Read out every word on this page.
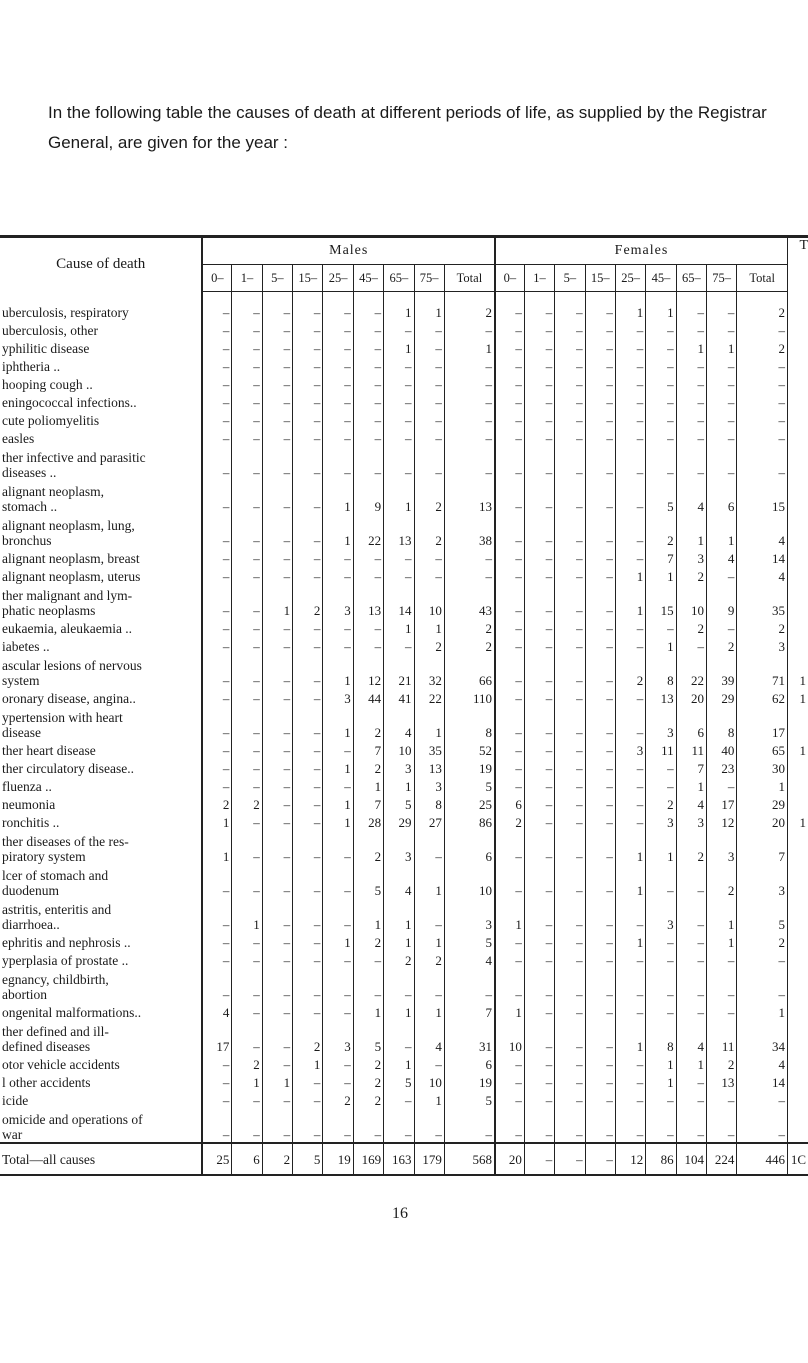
In the following table the causes of death at different periods of life, as supplied by the Registrar General, are given for the year :

Cause of death	Males									Females									T
	0–	1–	5–	15–	25–	45–	65–	75–	Total	0–	1–	5–	15–	25–	45–	65–	75–	Total	

uberculosis, respiratory	–	–	–	–	–	–	1	1	2	–	–	–	–	1	1	–	–	2	

uberculosis, other	–	–	–	–	–	–	–	–	–	–	–	–	–	–	–	–	–	–	

yphilitic disease	–	–	–	–	–	–	1	–	1	–	–	–	–	–	–	1	1	2	

iphtheria ..	–	–	–	–	–	–	–	–	–	–	–	–	–	–	–	–	–	–	

hooping cough ..	–	–	–	–	–	–	–	–	–	–	–	–	–	–	–	–	–	–	

eningococcal infections..	–	–	–	–	–	–	–	–	–	–	–	–	–	–	–	–	–	–	

cute poliomyelitis	–	–	–	–	–	–	–	–	–	–	–	–	–	–	–	–	–	–	

easles	–	–	–	–	–	–	–	–	–	–	–	–	–	–	–	–	–	–	

ther infective and parasitic
diseases ..	–	–	–	–	–	–	–	–	–	–	–	–	–	–	–	–	–	–	

alignant neoplasm,
stomach ..	–	–	–	–	1	9	1	2	13	–	–	–	–	–	5	4	6	15	

alignant neoplasm, lung,
bronchus	–	–	–	–	1	22	13	2	38	–	–	–	–	–	2	1	1	4	

alignant neoplasm, breast	–	–	–	–	–	–	–	–	–	–	–	–	–	–	7	3	4	14	

alignant neoplasm, uterus	–	–	–	–	–	–	–	–	–	–	–	–	–	1	1	2	–	4	

ther malignant and lym-
phatic neoplasms	–	–	1	2	3	13	14	10	43	–	–	–	–	1	15	10	9	35	

eukaemia, aleukaemia ..	–	–	–	–	–	–	1	1	2	–	–	–	–	–	–	2	–	2	

iabetes ..	–	–	–	–	–	–	–	2	2	–	–	–	–	–	1	–	2	3	

ascular lesions of nervous
system	–	–	–	–	1	12	21	32	66	–	–	–	–	2	8	22	39	71	1

oronary disease, angina..	–	–	–	–	3	44	41	22	110	–	–	–	–	–	13	20	29	62	1

ypertension with heart
disease	–	–	–	–	1	2	4	1	8	–	–	–	–	–	3	6	8	17	

ther heart disease	–	–	–	–	–	7	10	35	52	–	–	–	–	3	11	11	40	65	1

ther circulatory disease..	–	–	–	–	1	2	3	13	19	–	–	–	–	–	–	7	23	30	

fluenza ..	–	–	–	–	–	1	1	3	5	–	–	–	–	–	–	1	–	1	

neumonia	2	2	–	–	1	7	5	8	25	6	–	–	–	–	2	4	17	29	

ronchitis ..	1	–	–	–	1	28	29	27	86	2	–	–	–	–	3	3	12	20	1

ther diseases of the res-
piratory system	1	–	–	–	–	2	3	–	6	–	–	–	–	1	1	2	3	7	

lcer of stomach and
duodenum	–	–	–	–	–	5	4	1	10	–	–	–	–	1	–	–	2	3	

astritis, enteritis and
diarrhoea..	–	1	–	–	–	1	1	–	3	1	–	–	–	–	3	–	1	5	

ephritis and nephrosis ..	–	–	–	–	1	2	1	1	5	–	–	–	–	1	–	–	1	2	

yperplasia of prostate ..	–	–	–	–	–	–	2	2	4	–	–	–	–	–	–	–	–	–	

egnancy, childbirth,
abortion	–	–	–	–	–	–	–	–	–	–	–	–	–	–	–	–	–	–	

ongenital malformations..	4	–	–	–	–	1	1	1	7	1	–	–	–	–	–	–	–	1	

ther defined and ill-
defined diseases	17	–	–	2	3	5	–	4	31	10	–	–	–	1	8	4	11	34	

otor vehicle accidents	–	2	–	1	–	2	1	–	6	–	–	–	–	–	1	1	2	4	

l other accidents	–	1	1	–	–	2	5	10	19	–	–	–	–	–	1	–	13	14	

icide	–	–	–	–	2	2	–	1	5	–	–	–	–	–	–	–	–	–	

omicide and operations of
war	–	–	–	–	–	–	–	–	–	–	–	–	–	–	–	–	–	–	
Total—all causes	25	6	2	5	19	169	163	179	568	20	–	–	–	12	86	104	224	446	1C
16
